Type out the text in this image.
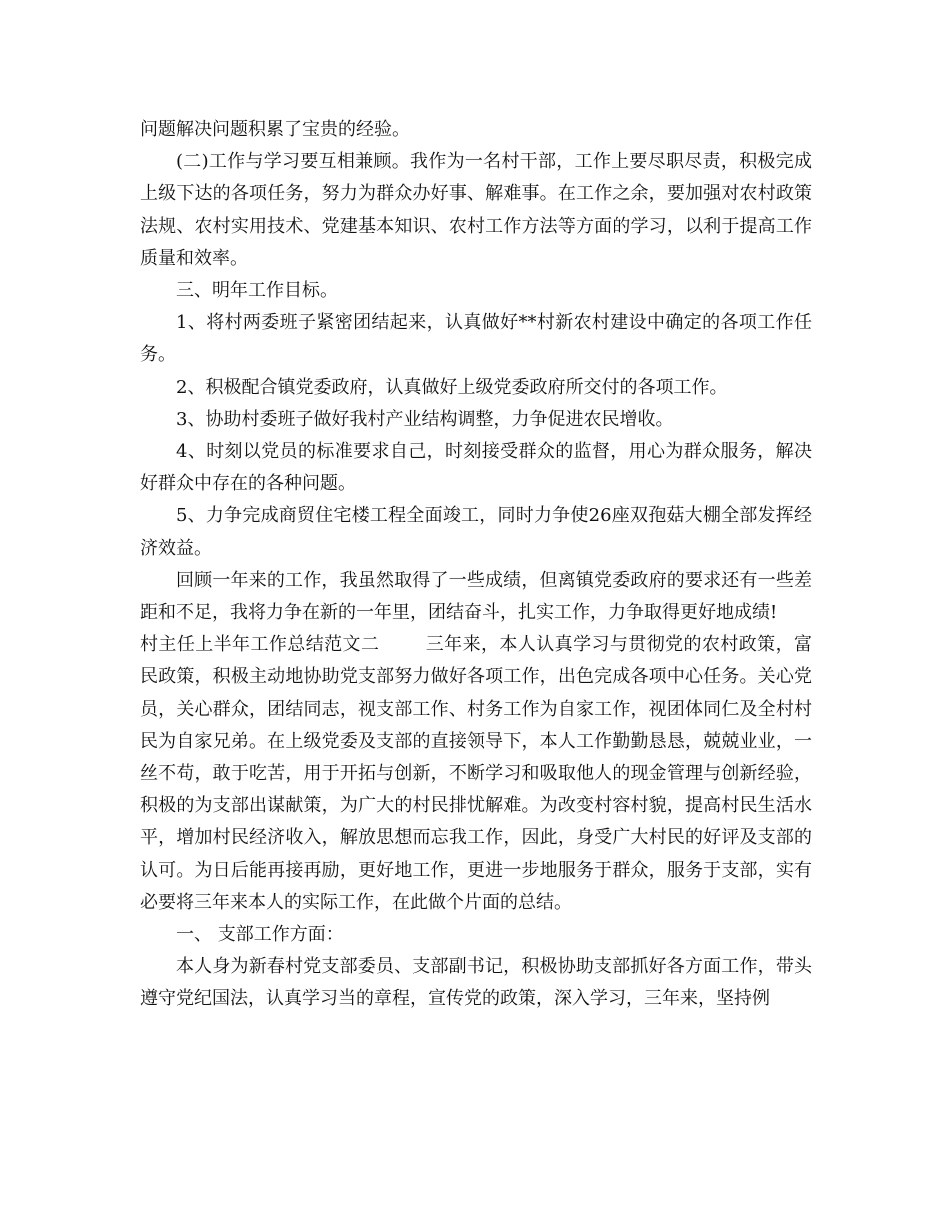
问题解决问题积累了宝贵的经验。

(二)工作与学习要互相兼顾。我作为一名村干部，工作上要尽职尽责，积极完成上级下达的各项任务，努力为群众办好事、解难事。在工作之余，要加强对农村政策法规、农村实用技术、党建基本知识、农村工作方法等方面的学习，以利于提高工作质量和效率。

三、明年工作目标。

1、将村两委班子紧密团结起来，认真做好**村新农村建设中确定的各项工作任务。

2、积极配合镇党委政府，认真做好上级党委政府所交付的各项工作。

3、协助村委班子做好我村产业结构调整，力争促进农民增收。

4、时刻以党员的标准要求自己，时刻接受群众的监督，用心为群众服务，解决好群众中存在的各种问题。

5、力争完成商贸住宅楼工程全面竣工，同时力争使26座双孢菇大棚全部发挥经济效益。

回顾一年来的工作，我虽然取得了一些成绩，但离镇党委政府的要求还有一些差距和不足，我将力争在新的一年里，团结奋斗，扎实工作，力争取得更好地成绩!

村主任上半年工作总结范文二	三年来，本人认真学习与贯彻党的农村政策，富民政策，积极主动地协助党支部努力做好各项工作，出色完成各项中心任务。关心党员，关心群众，团结同志，视支部工作、村务工作为自家工作，视团体同仁及全村村民为自家兄弟。在上级党委及支部的直接领导下，本人工作勤勤恳恳，兢兢业业，一丝不苟，敢于吃苦，用于开拓与创新，不断学习和吸取他人的现金管理与创新经验，积极的为支部出谋献策，为广大的村民排忧解难。为改变村容村貌，提高村民生活水平，增加村民经济收入，解放思想而忘我工作，因此，身受广大村民的好评及支部的认可。为日后能再接再励，更好地工作，更进一步地服务于群众，服务于支部，实有必要将三年来本人的实际工作，在此做个片面的总结。

一、 支部工作方面：

本人身为新春村党支部委员、支部副书记，积极协助支部抓好各方面工作，带头遵守党纪国法，认真学习当的章程，宣传党的政策，深入学习，三年来，坚持例
